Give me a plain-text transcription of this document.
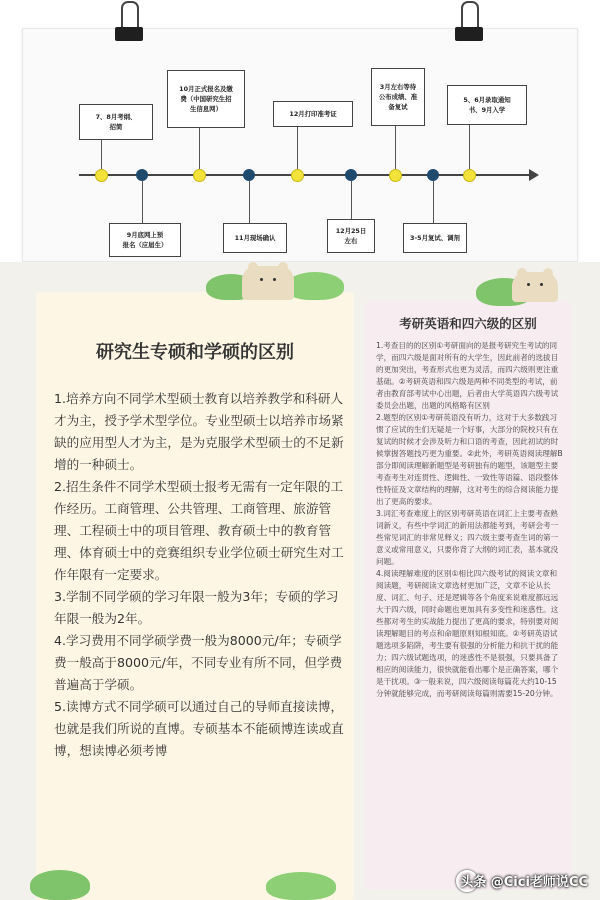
7、8月考纲、
招简
10月正式报名及缴
费（中国研究生招
生信息网）
12月打印准考证
3月左右等待
公布成绩、准
备复试
5、6月录取通知
书、9月入学
9月底网上预
报名（应届生）
11月现场确认
12月25日
左右	3-5月复试、调剂
研究生专硕和学硕的区别

1.培养方向不同学术型硕士教育以培养教学和科研人才为主，授予学术型学位。专业型硕士以培养市场紧缺的应用型人才为主，是为克服学术型硕士的不足新增的一种硕士。

2.招生条件不同学术型硕士报考无需有一定年限的工作经历。工商管理、公共管理、工商管理、旅游管理、工程硕士中的项目管理、教育硕士中的教育管理、体育硕士中的竞赛组织专业学位硕士研究生对工作年限有一定要求。

3.学制不同学硕的学习年限一般为3年；专硕的学习年限一般为2年。

4.学习费用不同学硕学费一般为8000元/年；专硕学费一般高于8000元/年，不同专业有所不同，但学费普遍高于学硕。

5.读博方式不同学硕可以通过自己的导师直接读博，也就是我们所说的直博。专硕基本不能硕博连读或直博，想读博必须考博

考研英语和四六级的区别

1.考查目的的区别①考研面向的是报考研究生考试的同学，而四六级是面对所有的大学生，因此前者的选拔目的更加突出，考查形式也更为灵活，而四六级则更注重基础。②考研英语和四六级是两种不同类型的考试，前者由教育部考试中心出题，后者由大学英语四六级考试委员会出题，出题的风格略有区别

2.题型的区别①考研英语没有听力，这对于大多数践习惯了应试的生们无疑是一个好事，大部分的院校只有在复试的时候才会涉及听力和口语的考查，因此初试的时候掌握答题技巧更为重要。②此外，考研英语阅读理解B部分即阅读理解新题型是考研独有的题型，该题型主要考查考生对连贯性、逻辑性、一致性等语篇、语段整体性特征及文章结构的理解，这对考生的综合阅读能力提出了更高的要求。

3.词汇考查难度上的区别考研英语在词汇上主要考查熟词新义，有些中学词汇的新用法都能考到，考研会考一些常见词汇的非常见释义；四六级主要考查生词的第一意义或常用意义，只要你背了大纲的词汇表，基本就没问题。

4.阅读理解难度的区别①相比四六级考试的阅读文章和阅读题，考研阅读文章选材更加广泛，文章不论从长度、词汇、句子、还是逻辑等各个角度来说难度都远远大于四六级，同时命题也更加具有多变性和迷惑性。这些都对考生的实战能力提出了更高的要求，特别要对阅读理解题目的考点和命题原则知根知底。②考研英语试题选项多陷阱，考生要有很强的分析能力和抗干扰的能力；四六级试题选项，的迷惑性不是很强，只要具备了相应的阅读能力，很快就能看出哪个是正确答案，哪个是干扰项。③一般来说，四六级阅读每篇花大约10-15分钟就能够完成，而考研阅读每篇则需要15-20分钟。

头条 @Cici老师说CC
